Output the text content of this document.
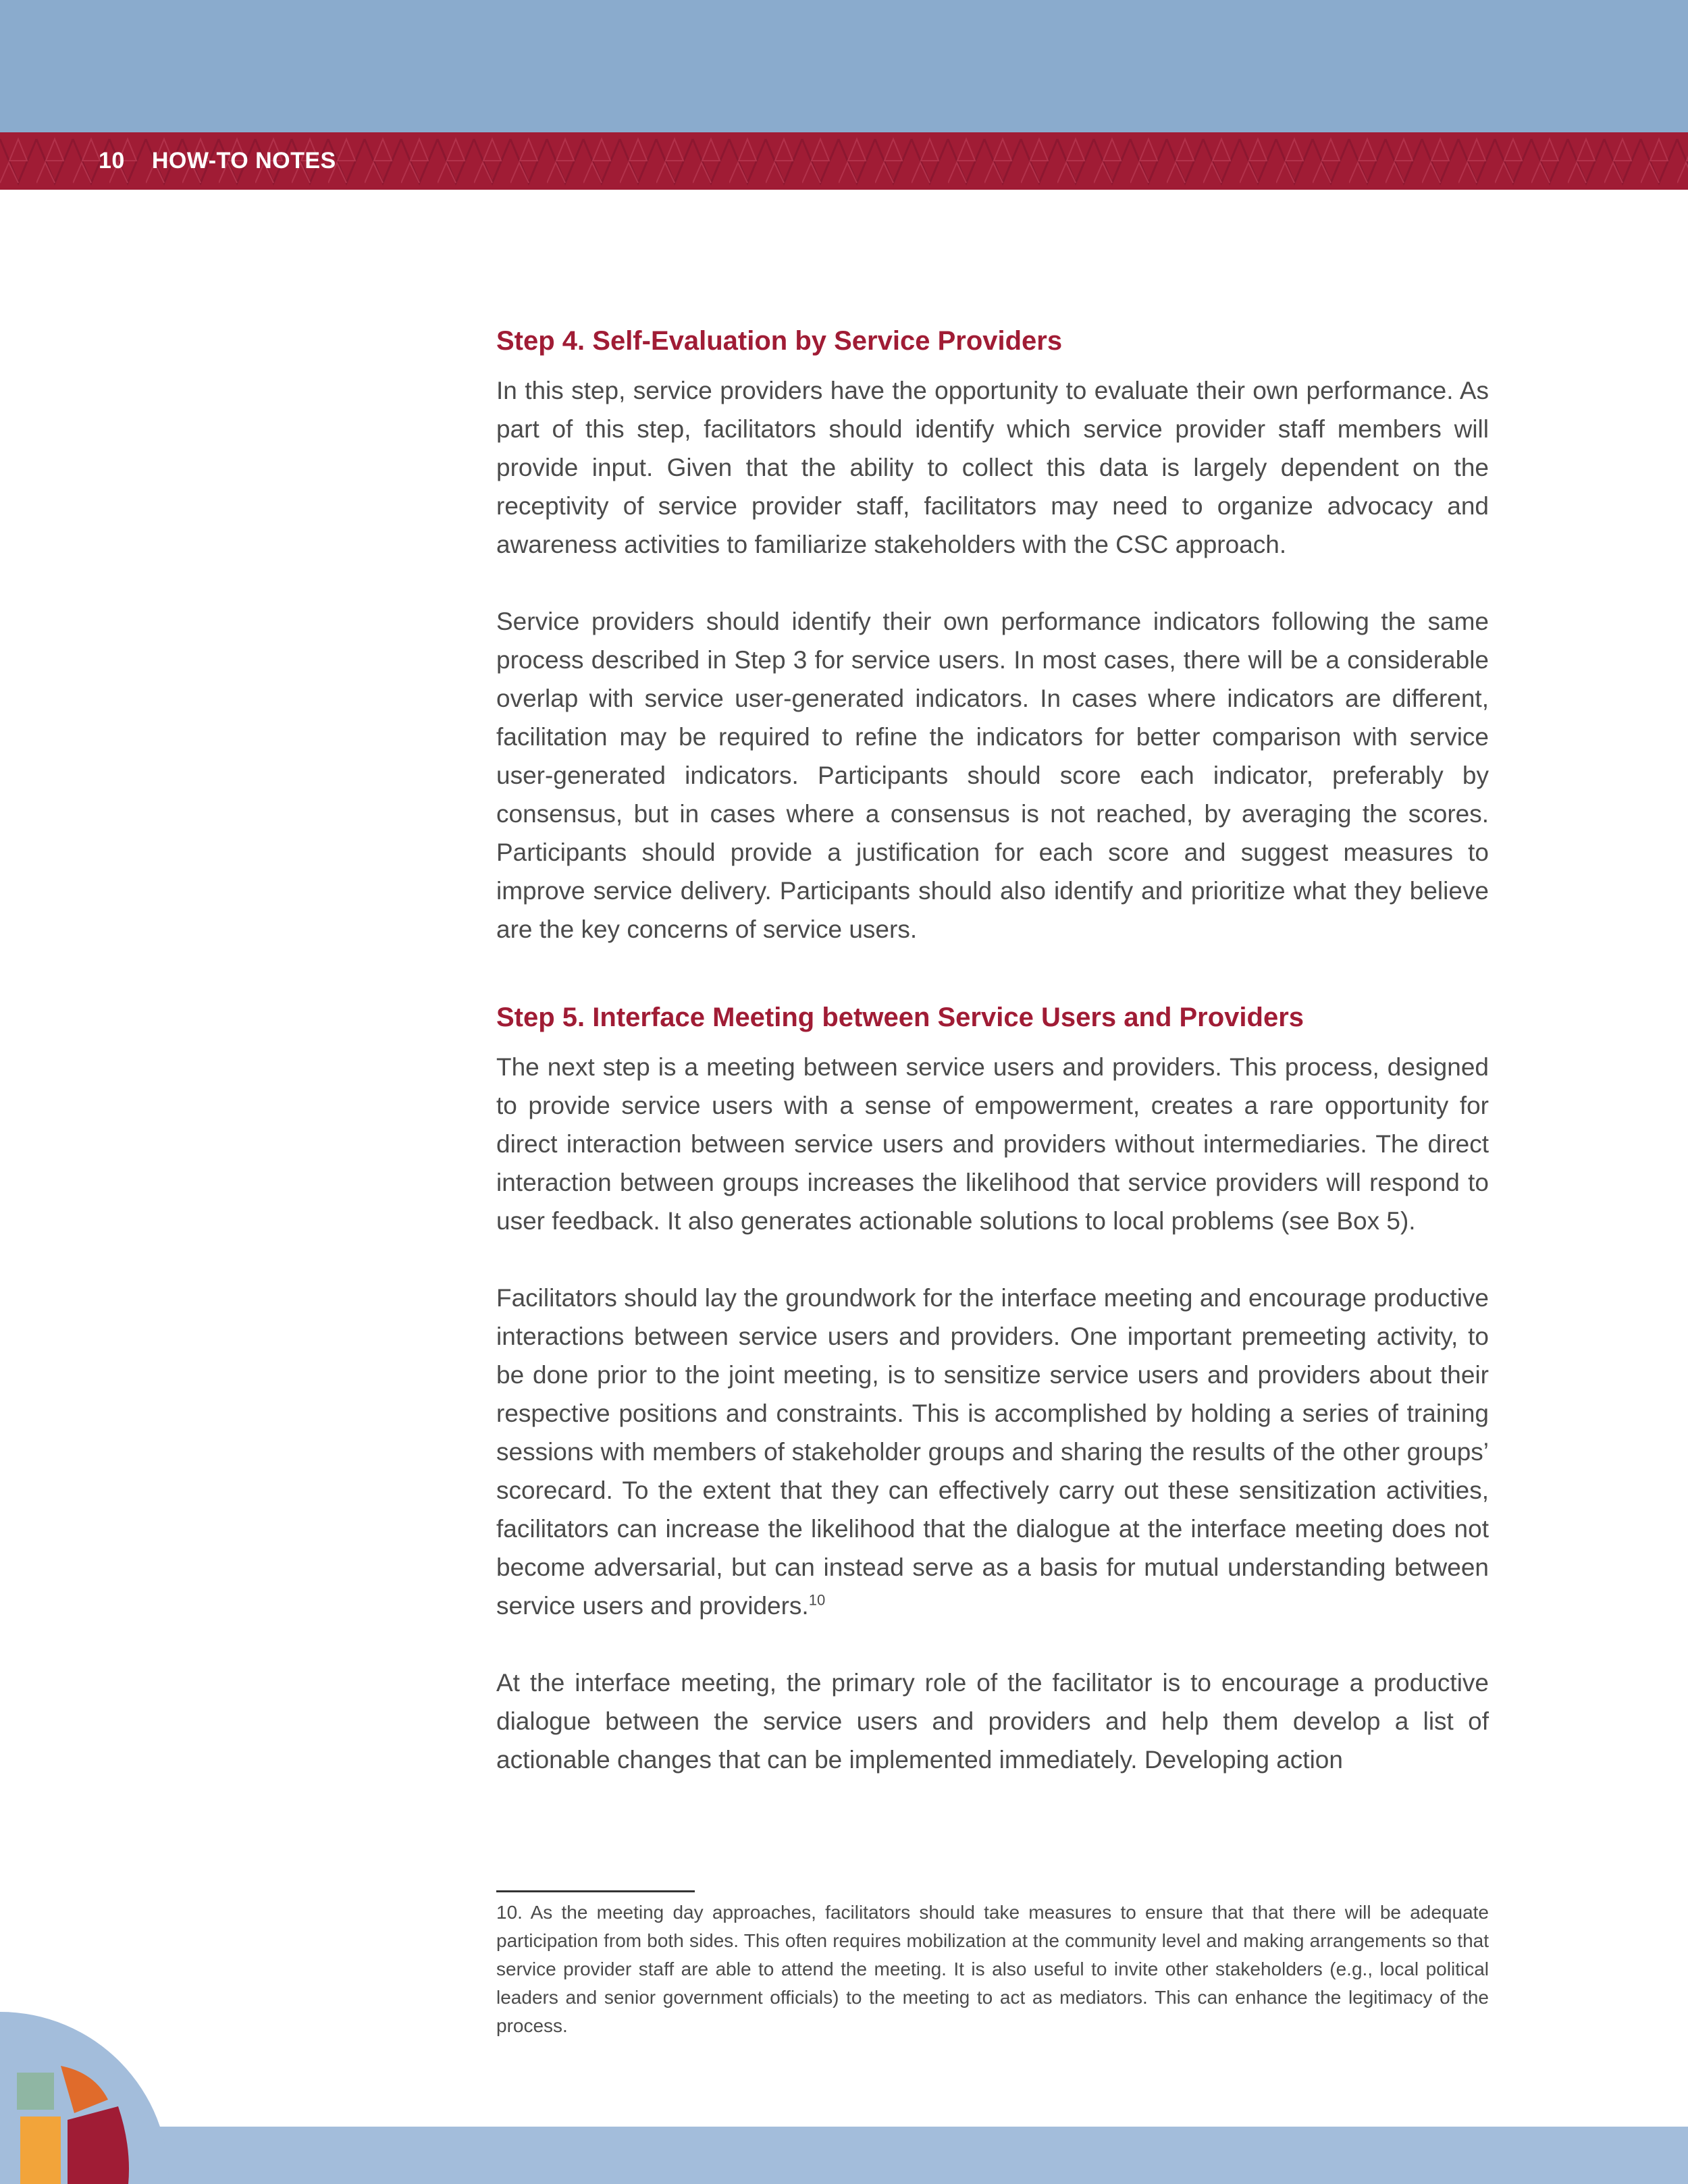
10 HOW-TO NOTES
Step 4. Self-Evaluation by Service Providers

In this step, service providers have the opportunity to evaluate their own performance. As part of this step, facilitators should identify which service provider staff members will provide input. Given that the ability to collect this data is largely dependent on the receptivity of service provider staff, facilitators may need to organize advocacy and awareness activities to familiarize stakeholders with the CSC approach.

Service providers should identify their own performance indicators following the same process described in Step 3 for service users. In most cases, there will be a considerable overlap with service user-generated indicators. In cases where indicators are different, facilitation may be required to refine the indicators for better comparison with service user-generated indicators. Participants should score each indicator, preferably by consensus, but in cases where a consensus is not reached, by averaging the scores. Participants should provide a justification for each score and suggest measures to improve service delivery. Participants should also identify and prioritize what they believe are the key concerns of service users.

Step 5. Interface Meeting between Service Users and Providers

The next step is a meeting between service users and providers. This process, designed to provide service users with a sense of empowerment, creates a rare opportunity for direct interaction between service users and providers without intermediaries. The direct interaction between groups increases the likelihood that service providers will respond to user feedback. It also generates actionable solutions to local problems (see Box 5).

Facilitators should lay the groundwork for the interface meeting and encourage productive interactions between service users and providers. One important premeeting activity, to be done prior to the joint meeting, is to sensitize service users and providers about their respective positions and constraints. This is accomplished by holding a series of training sessions with members of stakeholder groups and sharing the results of the other groups’ scorecard. To the extent that they can effectively carry out these sensitization activities, facilitators can increase the likelihood that the dialogue at the interface meeting does not become adversarial, but can instead serve as a basis for mutual understanding between service users and providers.$^{10}$

At the interface meeting, the primary role of the facilitator is to encourage a productive dialogue between the service users and providers and help them develop a list of actionable changes that can be implemented immediately. Developing action

10. As the meeting day approaches, facilitators should take measures to ensure that that there will be adequate participation from both sides. This often requires mobilization at the community level and making arrangements so that service provider staff are able to attend the meeting. It is also useful to invite other stakeholders (e.g., local political leaders and senior government officials) to the meeting to act as mediators. This can enhance the legitimacy of the process.
